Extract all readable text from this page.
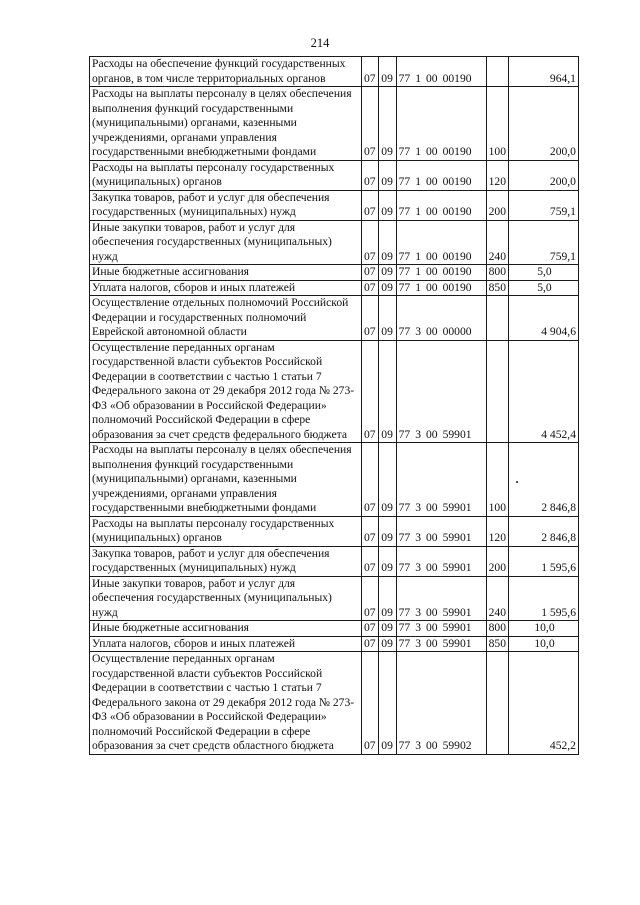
214
Расходы на обеспечение функций государственных органов, в том числе территориальных органов	07	09	77 1 00 00190		964,1
Расходы на выплаты персоналу в целях обеспечения выполнения функций государственными (муниципальными) органами, казенными учреждениями, органами управления государственными внебюджетными фондами	07	09	77 1 00 00190	100	200,0
Расходы на выплаты персоналу государственных (муниципальных) органов	07	09	77 1 00 00190	120	200,0
Закупка товаров, работ и услуг для обеспечения государственных (муниципальных) нужд	07	09	77 1 00 00190	200	759,1
Иные закупки товаров, работ и услуг для обеспечения государственных (муниципальных) нужд	07	09	77 1 00 00190	240	759,1
Иные бюджетные ассигнования	07	09	77 1 00 00190	800	5,0
Уплата налогов, сборов и иных платежей	07	09	77 1 00 00190	850	5,0
Осуществление отдельных полномочий Российской Федерации и государственных полномочий Еврейской автономной области	07	09	77 3 00 00000		4 904,6
Осуществление переданных органам государственной власти субъектов Российской Федерации в соответствии с частью 1 статьи 7 Федерального закона от 29 декабря 2012 года № 273-ФЗ «Об образовании в Российской Федерации» полномочий Российской Федерации в сфере образования за счет средств федерального бюджета	07	09	77 3 00 59901		4 452,4
Расходы на выплаты персоналу в целях обеспечения выполнения функций государственными (муниципальными) органами, казенными учреждениями, органами управления государственными внебюджетными фондами	07	09	77 3 00 59901	100	2 846,8
Расходы на выплаты персоналу государственных (муниципальных) органов	07	09	77 3 00 59901	120	2 846,8
Закупка товаров, работ и услуг для обеспечения государственных (муниципальных) нужд	07	09	77 3 00 59901	200	1 595,6
Иные закупки товаров, работ и услуг для обеспечения государственных (муниципальных) нужд	07	09	77 3 00 59901	240	1 595,6
Иные бюджетные ассигнования	07	09	77 3 00 59901	800	10,0
Уплата налогов, сборов и иных платежей	07	09	77 3 00 59901	850	10,0
Осуществление переданных органам государственной власти субъектов Российской Федерации в соответствии с частью 1 статьи 7 Федерального закона от 29 декабря 2012 года № 273-ФЗ «Об образовании в Российской Федерации» полномочий Российской Федерации в сфере образования за счет средств областного бюджета	07	09	77 3 00 59902		452,2
